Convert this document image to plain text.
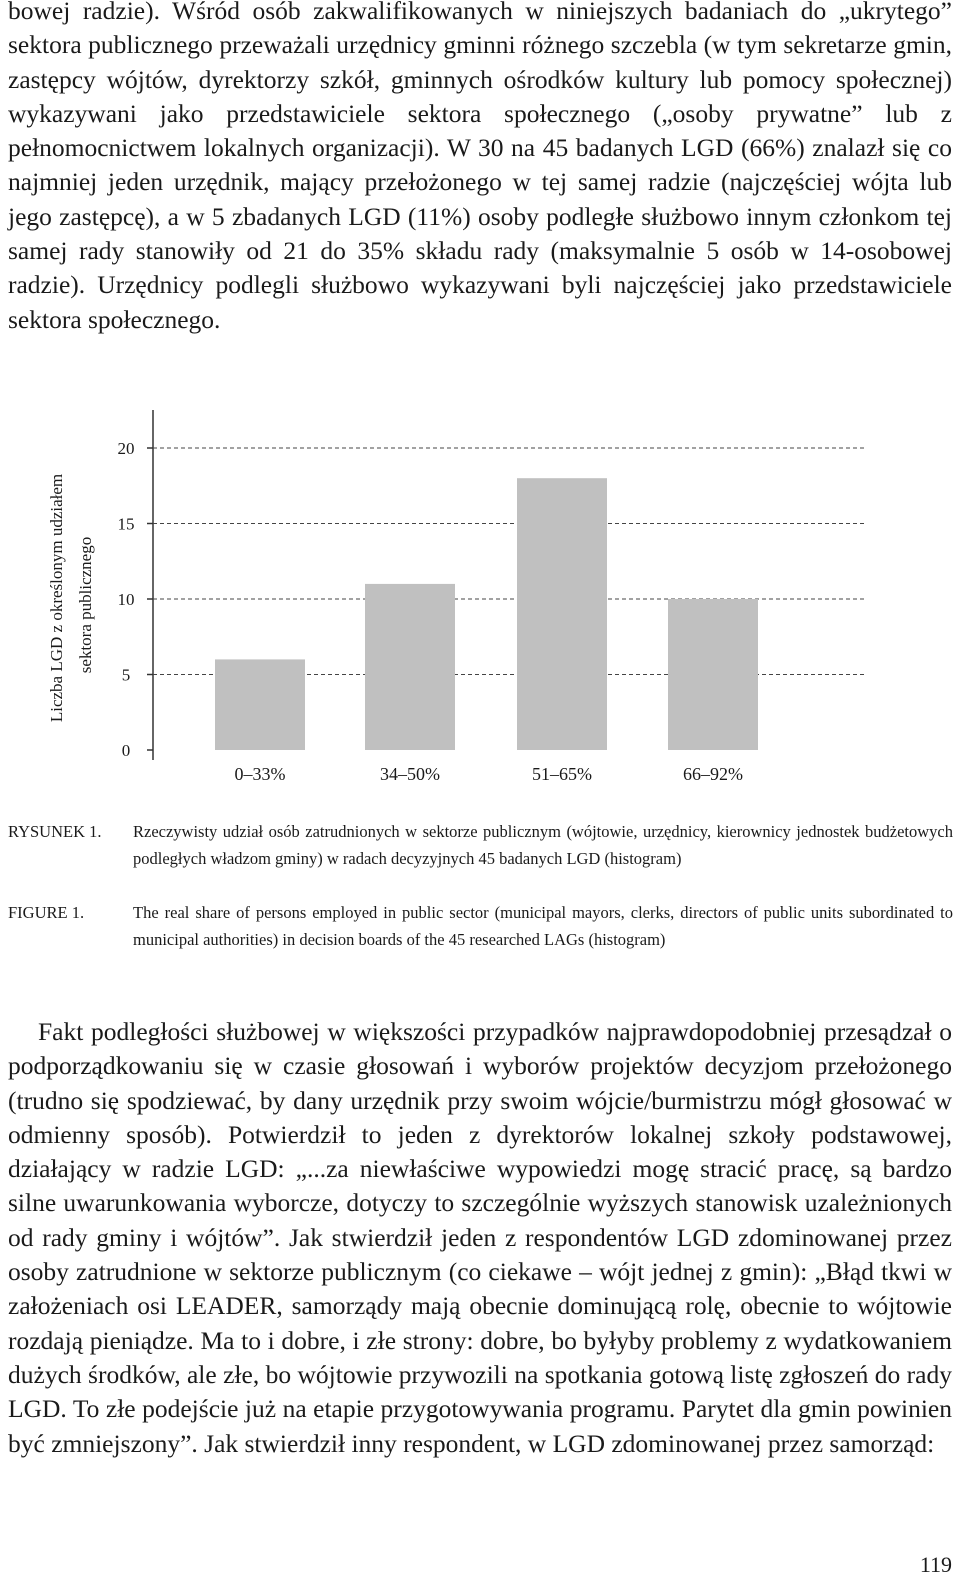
bowej radzie). Wśród osób zakwalifikowanych w niniejszych badaniach do „ukrytego” sektora publicznego przeważali urzędnicy gminni różnego szczebla (w tym sekretarze gmin, zastępcy wójtów, dyrektorzy szkół, gminnych ośrodków kultury lub pomocy społecznej) wykazywani jako przedstawiciele sektora społecznego („osoby prywatne” lub z pełnomocnictwem lokalnych organizacji). W 30 na 45 badanych LGD (66%) znalazł się co najmniej jeden urzędnik, mający przełożonego w tej samej radzie (najczęściej wójta lub jego zastępcę), a w 5 zbadanych LGD (11%) osoby podległe służbowo innym członkom tej samej rady stanowiły od 21 do 35% składu rady (maksymalnie 5 osób w 14-osobowej radzie). Urzędnicy podlegli służbowo wykazywani byli najczęściej jako przedstawiciele sektora społecznego.

0
5
10
15
20
0–33%	34–50%	51–65%	66–92%
Liczba LGD z określonym udziałem sektora publicznego

RYSUNEK 1. Rzeczywisty udział osób zatrudnionych w sektorze publicznym (wójtowie, urzędnicy, kierownicy jednostek budżetowych podległych władzom gminy) w radach decyzyjnych 45 badanych LGD (histogram)

FIGURE 1.	The real share of persons employed in public sector (municipal mayors, clerks, directors of public units subordinated to municipal authorities) in decision boards of the 45 researched LAGs (histogram)

Fakt podległości służbowej w większości przypadków najprawdopodobniej przesądzał o podporządkowaniu się w czasie głosowań i wyborów projektów decyzjom przełożonego (trudno się spodziewać, by dany urzędnik przy swoim wójcie/burmistrzu mógł głosować w odmienny sposób). Potwierdził to jeden z dyrektorów lokalnej szkoły podstawowej, działający w radzie LGD: „...za niewłaściwe wypowiedzi mogę stracić pracę, są bardzo silne uwarunkowania wyborcze, dotyczy to szczególnie wyższych stanowisk uzależnionych od rady gminy i wójtów”. Jak stwierdził jeden z respondentów LGD zdominowanej przez osoby zatrudnione w sektorze publicznym (co ciekawe – wójt jednej z gmin): „Błąd tkwi w założeniach osi LEADER, samorządy mają obecnie dominującą rolę, obecnie to wójtowie rozdają pieniądze. Ma to i dobre, i złe strony: dobre, bo byłyby problemy z wydatkowaniem dużych środków, ale złe, bo wójtowie przywozili na spotkania gotową listę zgłoszeń do rady LGD. To złe podejście już na etapie przygotowywania programu. Parytet dla gmin powinien być zmniejszony”. Jak stwierdził inny respondent, w LGD zdominowanej przez samorząd:

119
